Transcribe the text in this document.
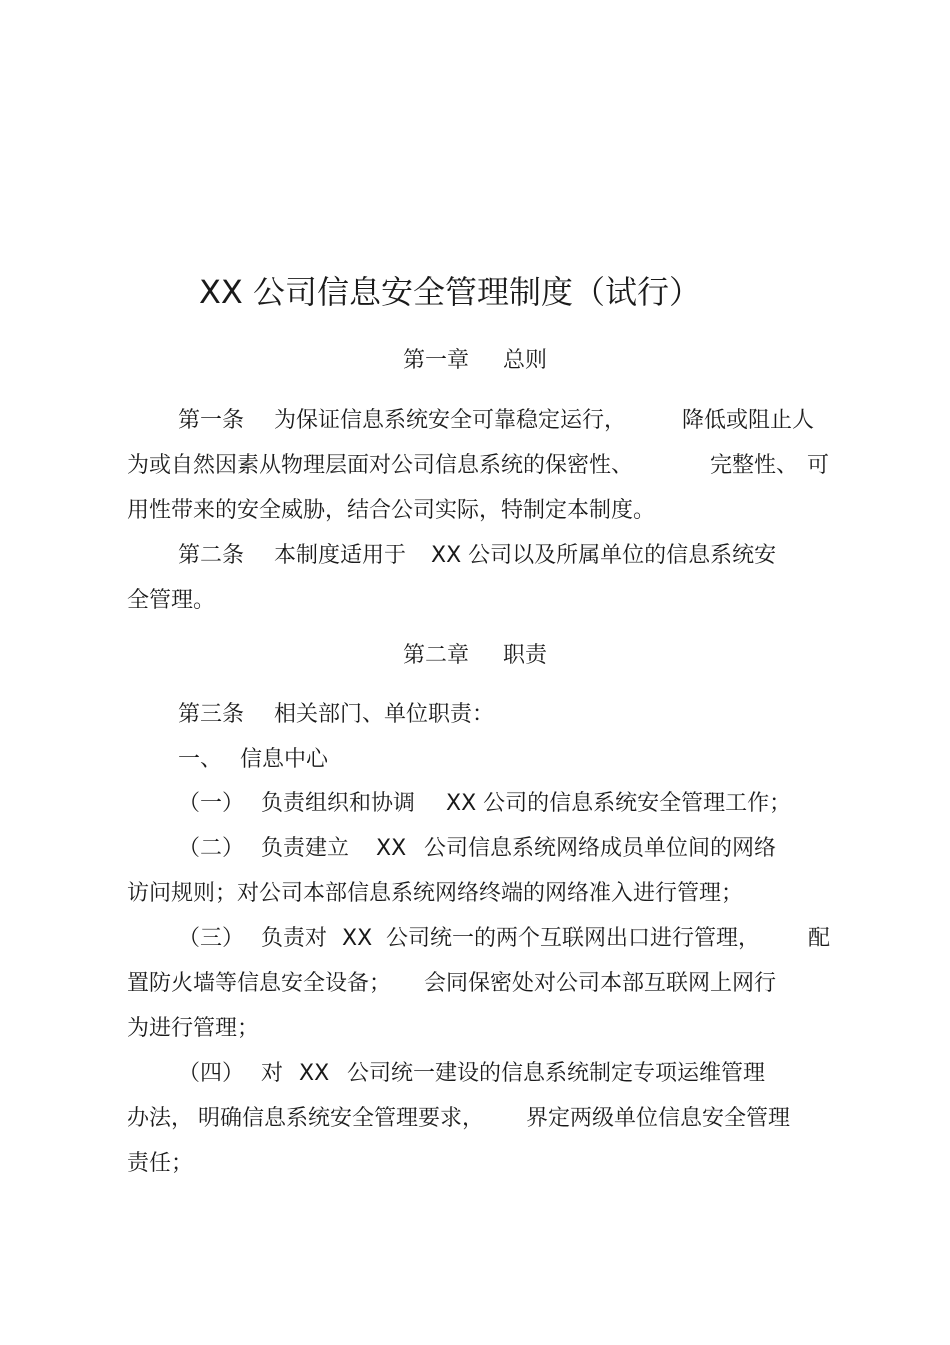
XX 公司信息安全管理制度（试行）
第一章 总则
第一条 为保证信息系统安全可靠稳定运行，	降低或阻止人
为或自然因素从物理层面对公司信息系统的保密性、	完整性、 可
用性带来的安全威胁，结合公司实际，特制定本制度。
第二条 本制度适用于 XX 公司以及所属单位的信息系统安
全管理。
第二章 职责
第三条 相关部门、单位职责：
一、 信息中心
（一） 负责组织和协调 XX 公司的信息系统安全管理工作；
（二） 负责建立 XX 公司信息系统网络成员单位间的网络
访问规则；对公司本部信息系统网络终端的网络准入进行管理；
（三） 负责对 XX 公司统一的两个互联网出口进行管理， 配
置防火墙等信息安全设备； 会同保密处对公司本部互联网上网行
为进行管理；
（四） 对 XX 公司统一建设的信息系统制定专项运维管理
办法， 明确信息系统安全管理要求， 界定两级单位信息安全管理
责任；
